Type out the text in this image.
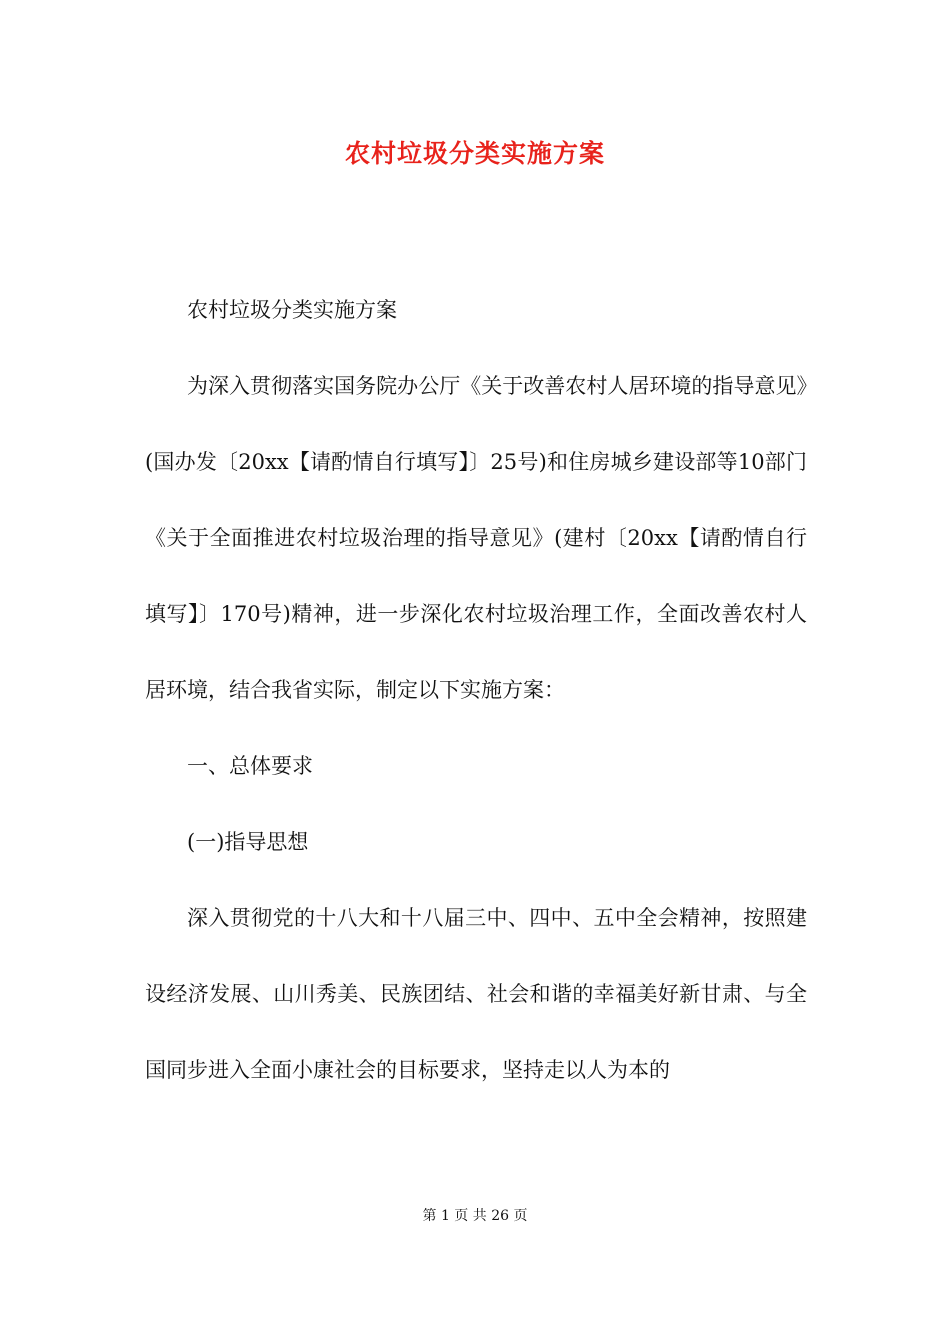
农村垃圾分类实施方案

农村垃圾分类实施方案

为深入贯彻落实国务院办公厅《关于改善农村人居环境的指导意见》(国办发〔20xx【请酌情自行填写】〕25号)和住房城乡建设部等10部门《关于全面推进农村垃圾治理的指导意见》(建村〔20xx【请酌情自行填写】〕170号)精神，进一步深化农村垃圾治理工作，全面改善农村人居环境，结合我省实际，制定以下实施方案：

一、总体要求

(一)指导思想

深入贯彻党的十八大和十八届三中、四中、五中全会精神，按照建设经济发展、山川秀美、民族团结、社会和谐的幸福美好新甘肃、与全国同步进入全面小康社会的目标要求，坚持走以人为本的

第 1 页 共 26 页
